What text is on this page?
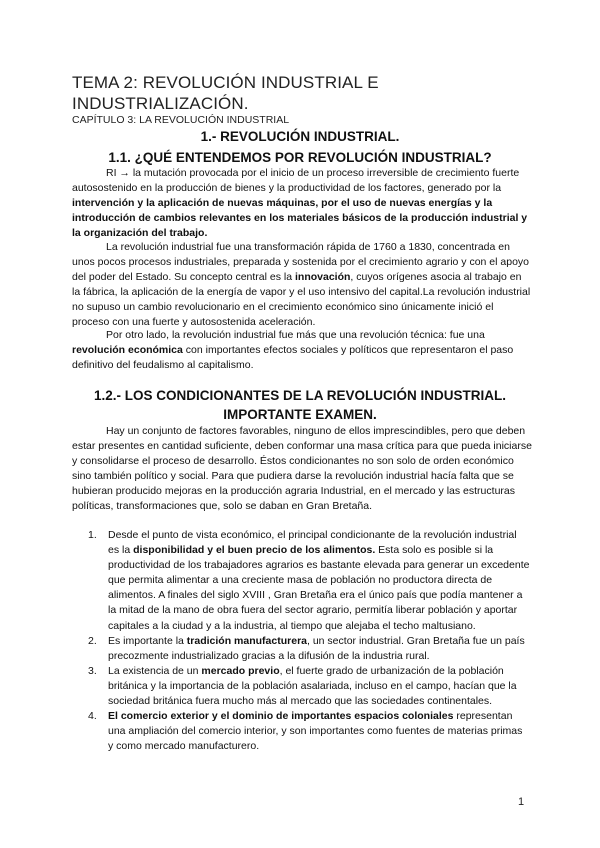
TEMA 2: REVOLUCIÓN INDUSTRIAL E INDUSTRIALIZACIÓN.
CAPÍTULO 3: LA REVOLUCIÓN INDUSTRIAL
1.- REVOLUCIÓN INDUSTRIAL.
1.1. ¿QUÉ ENTENDEMOS POR REVOLUCIÓN INDUSTRIAL?
RI → la mutación provocada por el inicio de un proceso irreversible de crecimiento fuerte autosostenido en la producción de bienes y la productividad de los factores, generado por la intervención y la aplicación de nuevas máquinas, por el uso de nuevas energías y la introducción de cambios relevantes en los materiales básicos de la producción industrial y la organización del trabajo.
La revolución industrial fue una transformación rápida de 1760 a 1830, concentrada en unos pocos procesos industriales, preparada y sostenida por el crecimiento agrario y con el apoyo del poder del Estado. Su concepto central es la innovación, cuyos orígenes asocia al trabajo en la fábrica, la aplicación de la energía de vapor y el uso intensivo del capital.La revolución industrial no supuso un cambio revolucionario en el crecimiento económico sino únicamente inició el proceso con una fuerte y autosostenida aceleración.
Por otro lado, la revolución industrial fue más que una revolución técnica: fue una revolución económica con importantes efectos sociales y políticos que representaron el paso definitivo del feudalismo al capitalismo.
1.2.- LOS CONDICIONANTES DE LA REVOLUCIÓN INDUSTRIAL. IMPORTANTE EXAMEN.
Hay un conjunto de factores favorables, ninguno de ellos imprescindibles, pero que deben estar presentes en cantidad suficiente, deben conformar una masa crítica para que pueda iniciarse y consolidarse el proceso de desarrollo. Éstos condicionantes no son solo de orden económico sino también político y social. Para que pudiera darse la revolución industrial hacía falta que se hubieran producido mejoras en la producción agraria Industrial, en el mercado y las estructuras políticas, transformaciones que, solo se daban en Gran Bretaña.
1. Desde el punto de vista económico, el principal condicionante de la revolución industrial es la disponibilidad y el buen precio de los alimentos. Esta solo es posible si la productividad de los trabajadores agrarios es bastante elevada para generar un excedente que permita alimentar a una creciente masa de población no productora directa de alimentos. A finales del siglo XVIII , Gran Bretaña era el único país que podía mantener a la mitad de la mano de obra fuera del sector agrario, permitía liberar población y aportar capitales a la ciudad y a la industria, al tiempo que alejaba el techo maltusiano.
2. Es importante la tradición manufacturera, un sector industrial. Gran Bretaña fue un país precozmente industrializado gracias a la difusión de la industria rural.
3. La existencia de un mercado previo, el fuerte grado de urbanización de la población británica y la importancia de la población asalariada, incluso en el campo, hacían que la sociedad británica fuera mucho más al mercado que las sociedades continentales.
4. El comercio exterior y el dominio de importantes espacios coloniales representan una ampliación del comercio interior, y son importantes como fuentes de materias primas y como mercado manufacturero.
1
